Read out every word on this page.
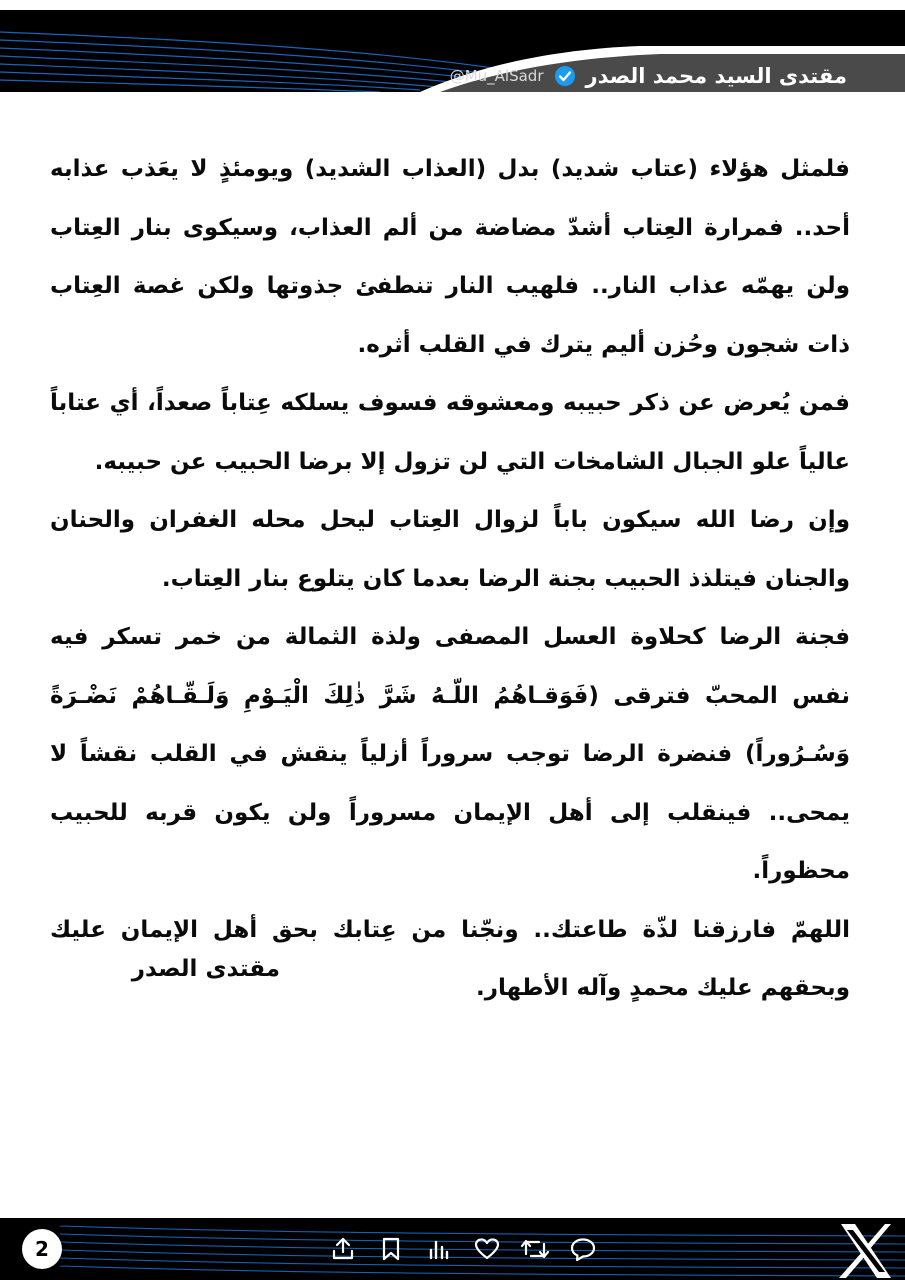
@Mu_AlSadr مقتدى السيد محمد الصدر

فلمثل هؤلاء (عتاب شديد) بدل (العذاب الشديد) ويومئذٍ لا يعَذب عذابه أحد.. فمرارة العِتاب أشدّ مضاضة من ألم العذاب، وسيكوى بنار العِتاب ولن يهمّه عذاب النار.. فلهيب النار تنطفئ جذوتها ولكن غصة العِتاب ذات شجون وحُزن أليم يترك في القلب أثره.

فمن يُعرض عن ذكر حبيبه ومعشوقه فسوف يسلكه عِتاباً صعداً، أي عتاباً عالياً علو الجبال الشامخات التي لن تزول إلا برضا الحبيب عن حبيبه.

وإن رضا الله سيكون باباً لزوال العِتاب ليحل محله الغفران والحنان والجنان فيتلذذ الحبيب بجنة الرضا بعدما كان يتلوع بنار العِتاب.

فجنة الرضا كحلاوة العسل المصفى ولذة الثمالة من خمر تسكر فيه نفس المحبّ فترقى (فَوَقـاهُمُ اللّـهُ شَرَّ ذٰلِكَ الْيَـوْمِ وَلَـقّـاهُمْ نَضْـرَةً وَسُـرُوراً) فنضرة الرضا توجب سروراً أزلياً ينقش في القلب نقشاً لا يمحى.. فينقلب إلى أهل الإيمان مسروراً ولن يكون قربه للحبيب محظوراً.

اللهمّ فارزقنا لذّة طاعتك.. ونجّنا من عِتابك بحق أهل الإيمان عليك وبحقهم عليك محمدٍ وآله الأطهار.

مقتدى الصدر
2
